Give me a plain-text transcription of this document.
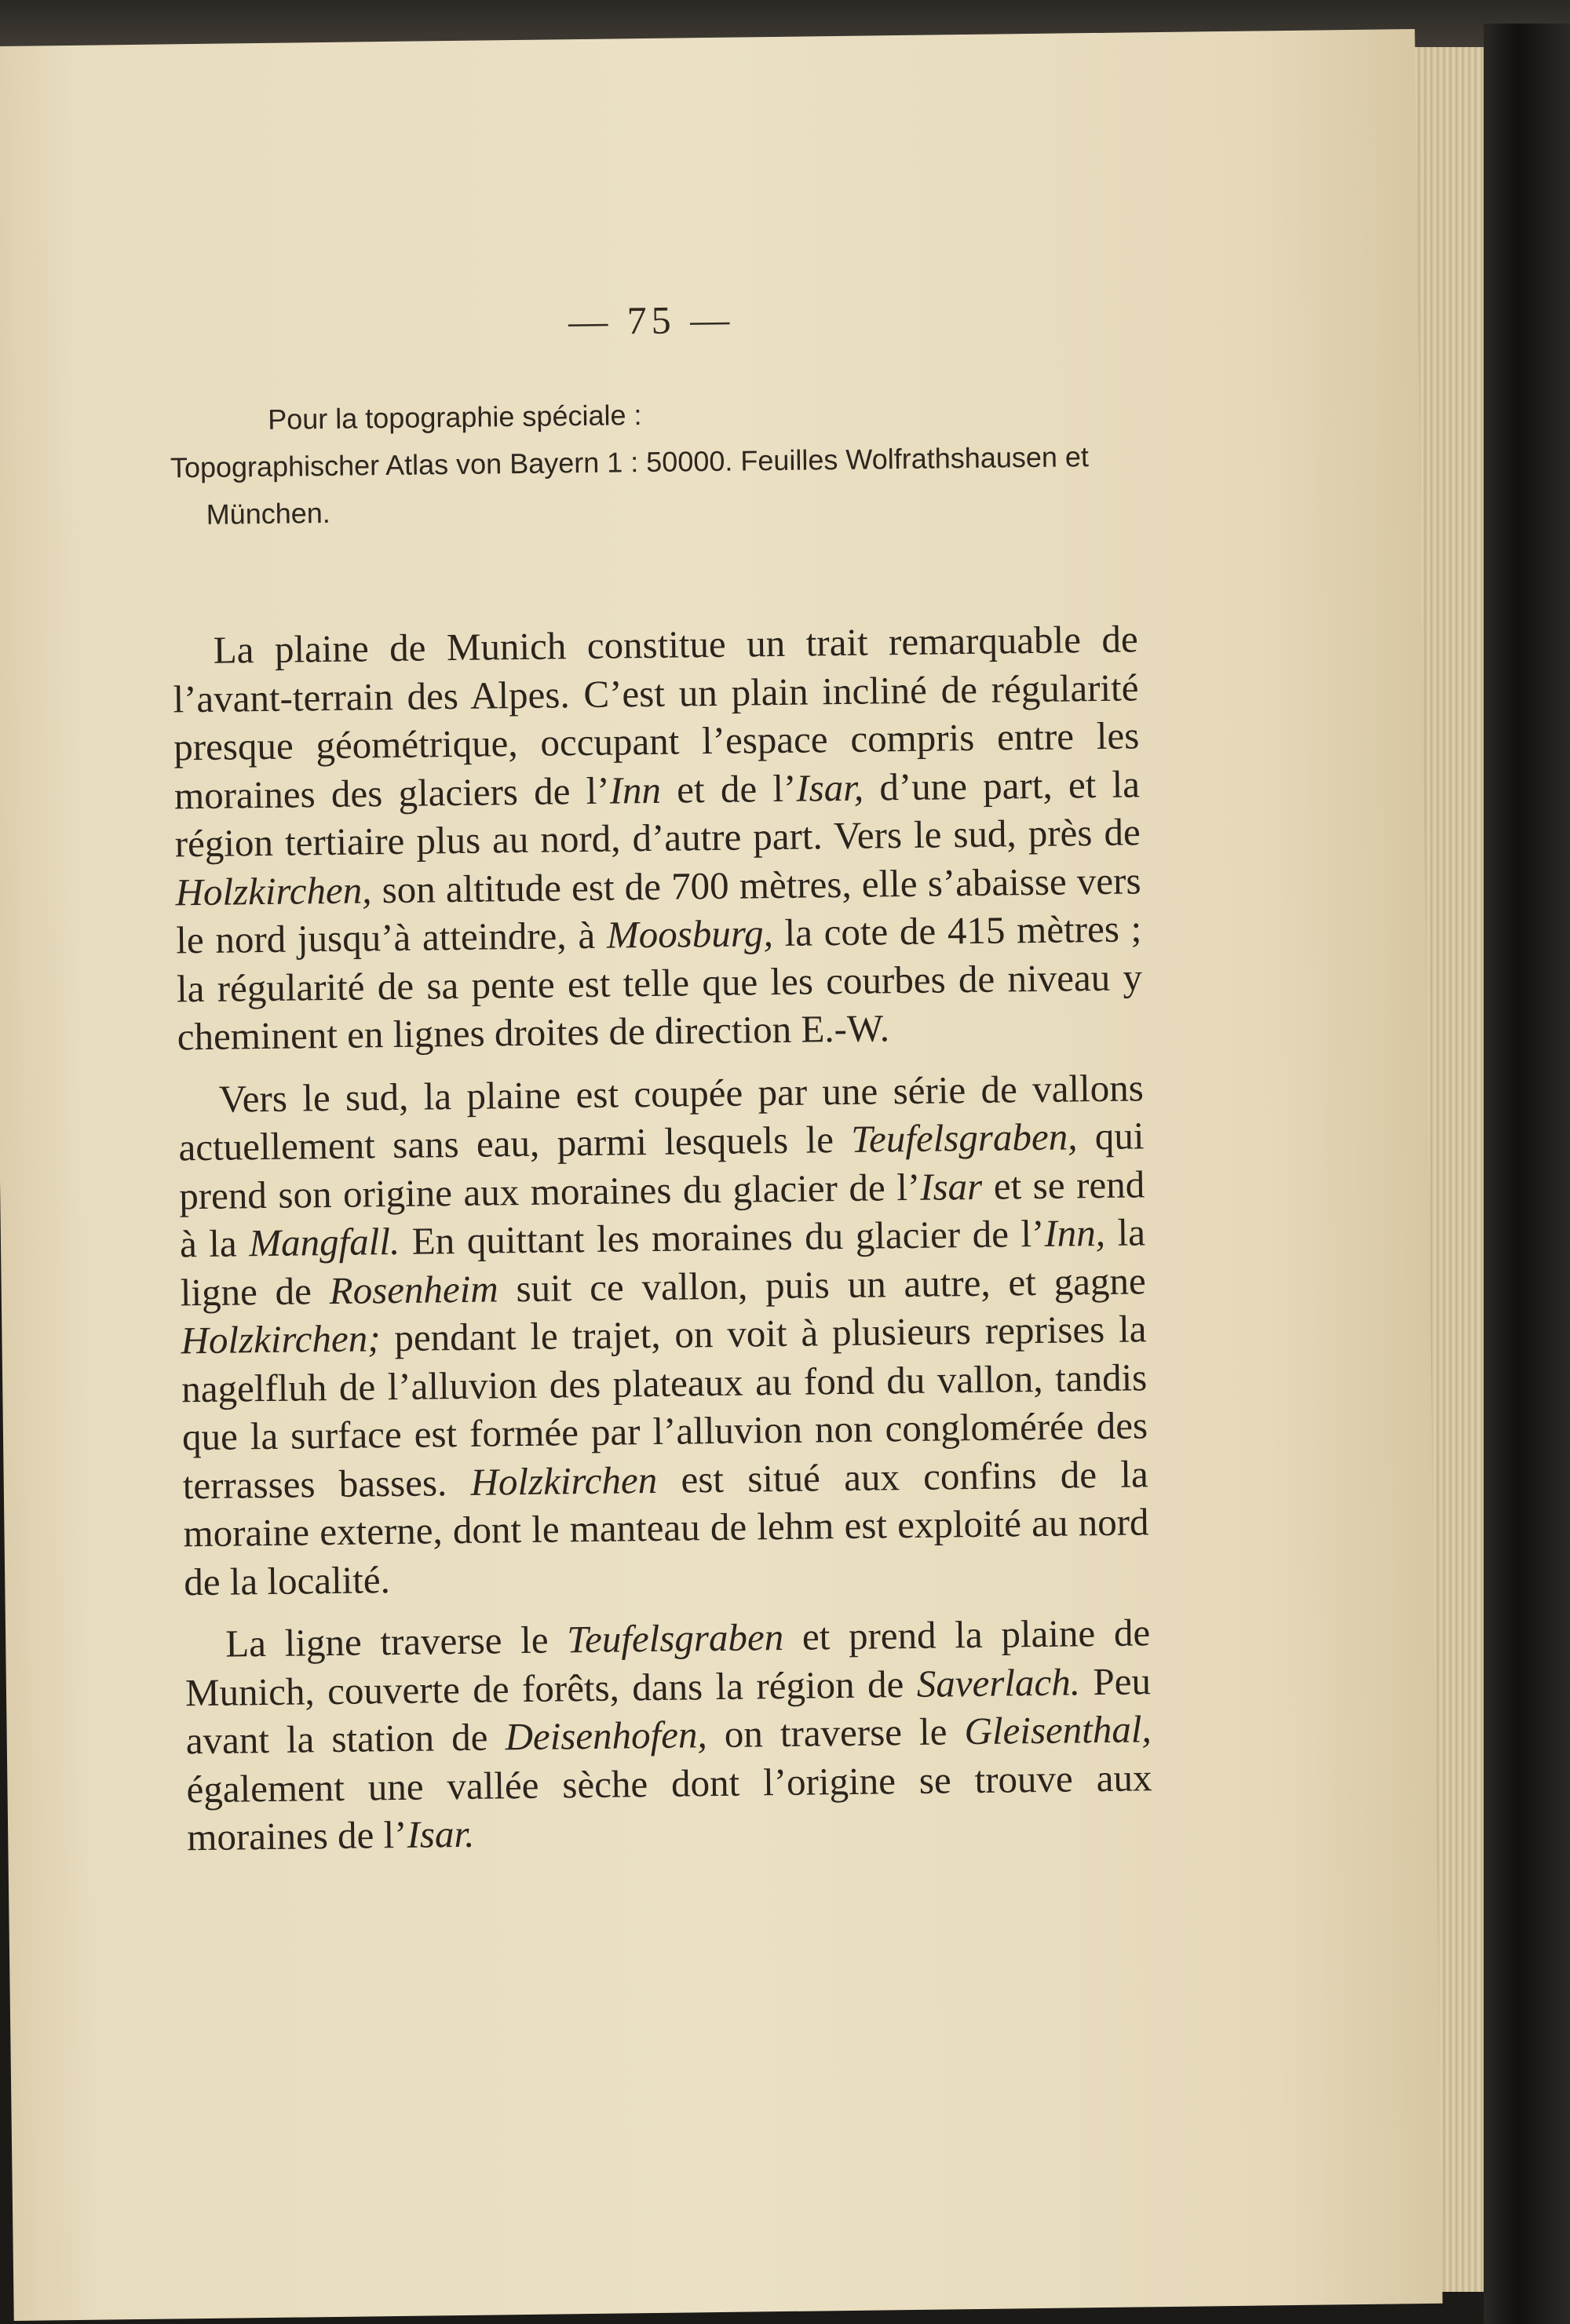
— 75 —

Pour la topographie spéciale :

Topographischer Atlas von Bayern 1 : 50000. Feuilles Wolfrathshausen et München.

La plaine de Munich constitue un trait remarquable de l’avant-terrain des Alpes. C’est un plain incliné de régularité presque géométrique, occupant l’espace compris entre les moraines des glaciers de l’Inn et de l’Isar, d’une part, et la région tertiaire plus au nord, d’autre part. Vers le sud, près de Holzkirchen, son altitude est de 700 mètres, elle s’abaisse vers le nord jusqu’à atteindre, à Moosburg, la cote de 415 mètres ; la régularité de sa pente est telle que les courbes de niveau y cheminent en lignes droites de direction E.-W.

Vers le sud, la plaine est coupée par une série de vallons actuellement sans eau, parmi lesquels le Teufelsgraben, qui prend son origine aux moraines du glacier de l’Isar et se rend à la Mangfall. En quittant les moraines du glacier de l’Inn, la ligne de Rosenheim suit ce vallon, puis un autre, et gagne Holzkirchen; pendant le trajet, on voit à plusieurs reprises la nagelfluh de l’alluvion des plateaux au fond du vallon, tandis que la surface est formée par l’alluvion non conglomérée des terrasses basses. Holzkirchen est situé aux confins de la moraine externe, dont le manteau de lehm est exploité au nord de la localité.

La ligne traverse le Teufelsgraben et prend la plaine de Munich, couverte de forêts, dans la région de Saverlach. Peu avant la station de Deisenhofen, on traverse le Gleisenthal, également une vallée sèche dont l’origine se trouve aux moraines de l’Isar.
